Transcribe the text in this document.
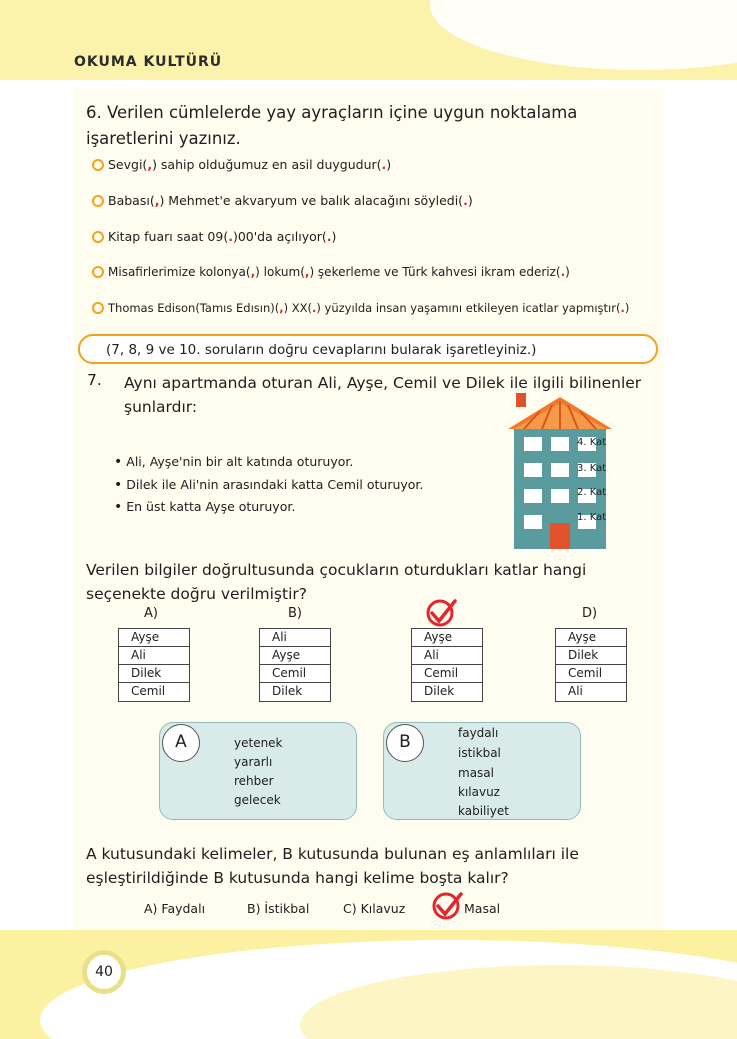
OKUMA KULTÜRÜ
6. Verilen cümlelerde yay ayraçların içine uygun noktalama işaretlerini yazınız.
Sevgi( , ) sahip olduğumuz en asil duygudur( . )
Babası( , ) Mehmet'e akvaryum ve balık alacağını söyledi( . )
Kitap fuarı saat 09( . )00'da açılıyor( . )
Misafirlerimize kolonya( , ) lokum( , ) şekerleme ve Türk kahvesi ikram ederiz( . )
Thomas Edison(Tamıs Edısın)( , ) XX( . ) yüzyılda insan yaşamını etkileyen icatlar yapmıştır( . )
(7, 8, 9 ve 10. soruların doğru cevaplarını bularak işaretleyiniz.)
7. Aynı apartmanda oturan Ali, Ayşe, Cemil ve Dilek ile ilgili bilinenler şunlardır:
• Ali, Ayşe'nin bir alt katında oturuyor.
• Dilek ile Ali'nin arasındaki katta Cemil oturuyor.
• En üst katta Ayşe oturuyor.
4. Kat
3. Kat
2. Kat
1. Kat
Verilen bilgiler doğrultusunda çocukların oturdukları katlar hangi seçenekte doğru verilmiştir?
A)	B)	D)
Ayşe
Ali
Dilek
Cemil
Ali
Ayşe
Cemil
Dilek
Ayşe
Ali
Cemil
Dilek
Ayşe
Dilek
Cemil
Ali
A	yetenek
yararlı
rehber
gelecek
B	faydalı
istikbal
masal
kılavuz
kabiliyet
A kutusundaki kelimeler, B kutusunda bulunan eş anlamlıları ile eşleştirildiğinde B kutusunda hangi kelime boşta kalır?
A) Faydalı	B) İstikbal	C) Kılavuz	Masal
40
